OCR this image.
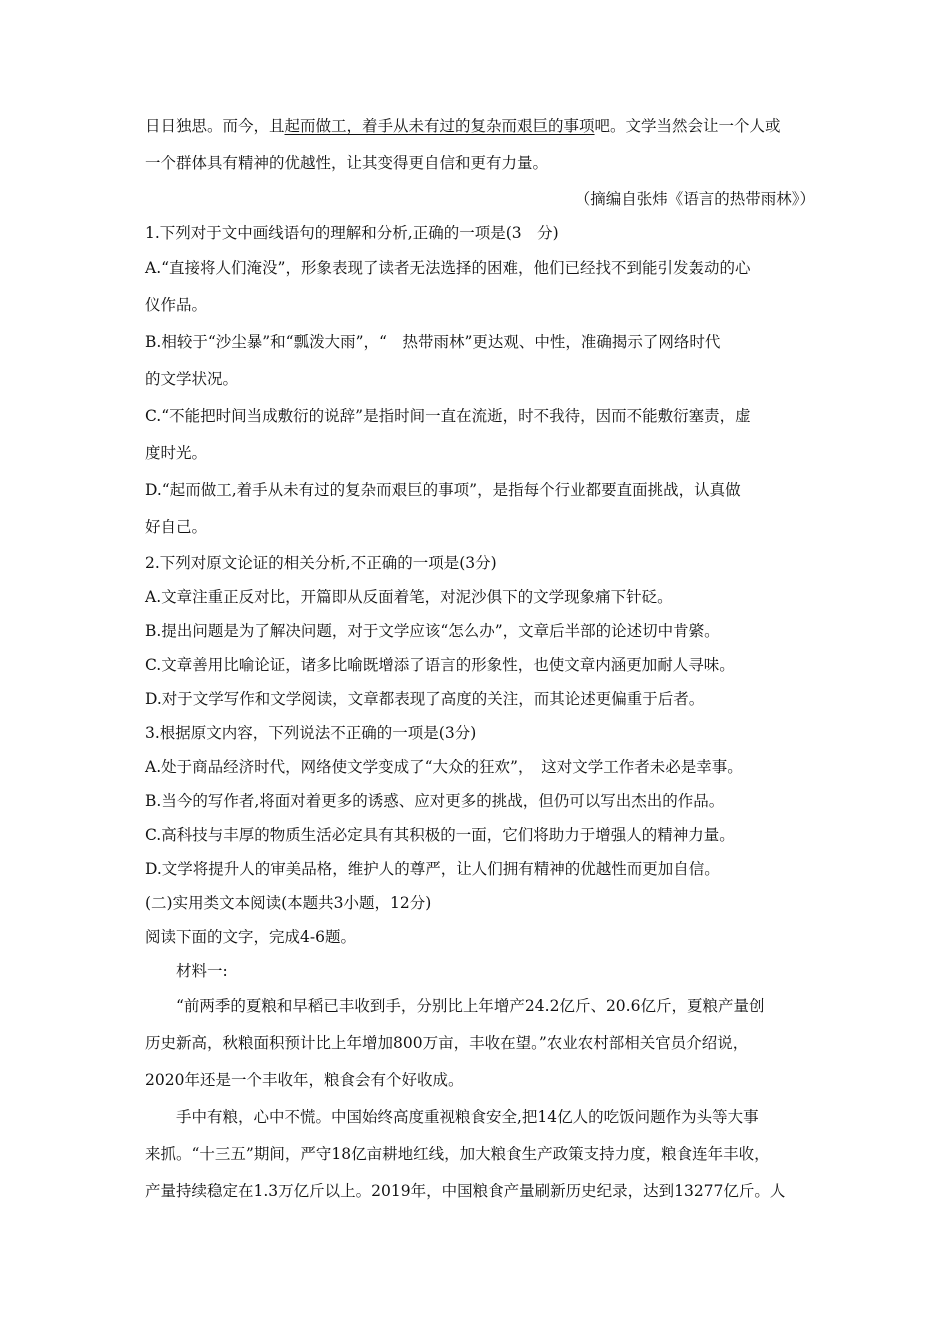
日日独思。而今，且起而做工，着手从未有过的复杂而艰巨的事项吧。文学当然会让一个人或
一个群体具有精神的优越性，让其变得更自信和更有力量。
（摘编自张炜《语言的热带雨林》）
1.下列对于文中画线语句的理解和分析,正确的一项是(3　分)
A.“直接将人们淹没”，形象表现了读者无法选择的困难，他们已经找不到能引发轰动的心
仪作品。
B.相较于“沙尘暴”和“瓢泼大雨”，“　热带雨林”更达观、中性，准确揭示了网络时代
的文学状况。
C.“不能把时间当成敷衍的说辞”是指时间一直在流逝，时不我待，因而不能敷衍塞责，虚
度时光。
D.“起而做工,着手从未有过的复杂而艰巨的事项”，是指每个行业都要直面挑战，认真做
好自己。
2.下列对原文论证的相关分析,不正确的一项是(3分)
A.文章注重正反对比，开篇即从反面着笔，对泥沙俱下的文学现象痛下针砭。
B.提出问题是为了解决问题，对于文学应该“怎么办”，文章后半部的论述切中肯綮。
C.文章善用比喻论证，诸多比喻既增添了语言的形象性，也使文章内涵更加耐人寻味。
D.对于文学写作和文学阅读，文章都表现了高度的关注，而其论述更偏重于后者。
3.根据原文内容，下列说法不正确的一项是(3分)
A.处于商品经济时代，网络使文学变成了“大众的狂欢”，　这对文学工作者未必是幸事。
B.当今的写作者,将面对着更多的诱惑、应对更多的挑战，但仍可以写出杰出的作品。
C.高科技与丰厚的物质生活必定具有其积极的一面，它们将助力于增强人的精神力量。
D.文学将提升人的审美品格，维护人的尊严，让人们拥有精神的优越性而更加自信。
(二)实用类文本阅读(本题共3小题，12分)
阅读下面的文字，完成4-6题。
材料一:
“前两季的夏粮和早稻已丰收到手，分别比上年增产24.2亿斤、20.6亿斤，夏粮产量创
历史新高，秋粮面积预计比上年增加800万亩，丰收在望。”农业农村部相关官员介绍说，
2020年还是一个丰收年，粮食会有个好收成。
手中有粮，心中不慌。中国始终高度重视粮食安全,把14亿人的吃饭问题作为头等大事
来抓。“十三五”期间，严守18亿亩耕地红线，加大粮食生产政策支持力度，粮食连年丰收，
产量持续稳定在1.3万亿斤以上。2019年，中国粮食产量刷新历史纪录，达到13277亿斤。人
